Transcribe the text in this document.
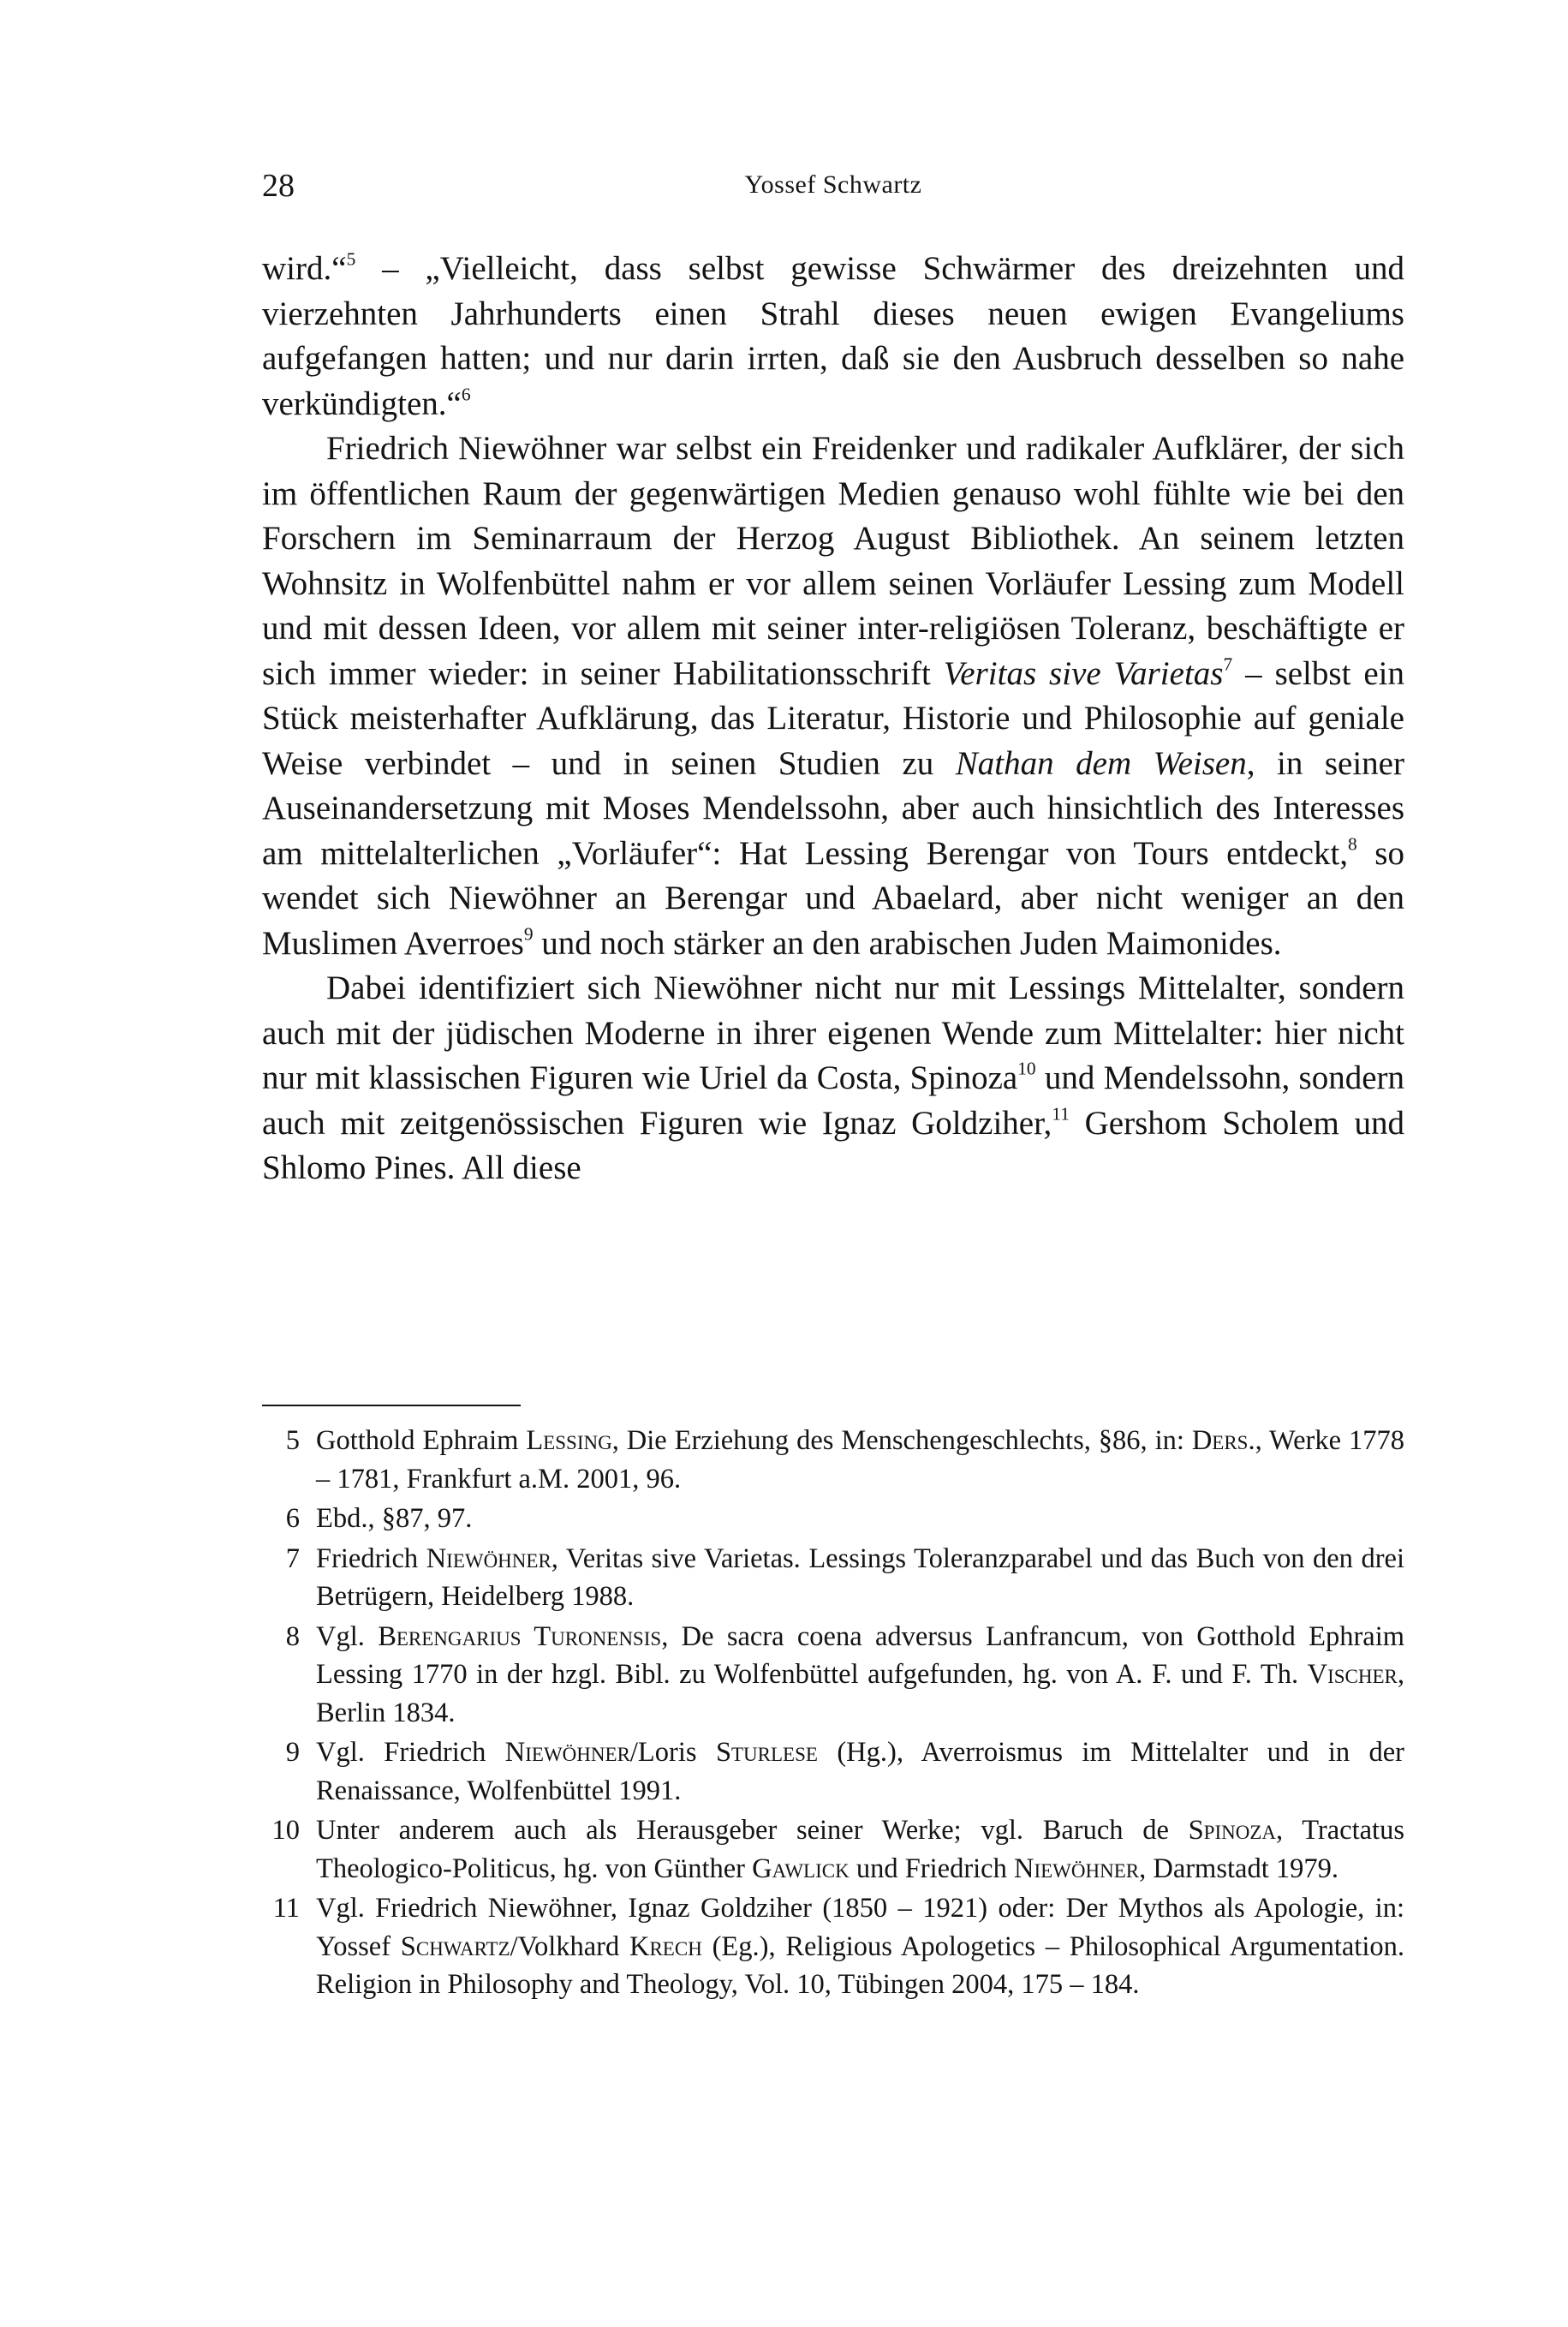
28	Yossef Schwartz

wird.“$^5$ – „Vielleicht, dass selbst gewisse Schwärmer des dreizehnten und vierzehnten Jahrhunderts einen Strahl dieses neuen ewigen Evangeliums aufgefangen hatten; und nur darin irrten, daß sie den Ausbruch desselben so nahe verkündigten.“$^6$

Friedrich Niewöhner war selbst ein Freidenker und radikaler Aufklärer, der sich im öffentlichen Raum der gegenwärtigen Medien genauso wohl fühlte wie bei den Forschern im Seminarraum der Herzog August Bibliothek. An seinem letzten Wohnsitz in Wolfenbüttel nahm er vor allem seinen Vorläufer Lessing zum Modell und mit dessen Ideen, vor allem mit seiner inter-religiösen Toleranz, beschäftigte er sich immer wieder: in seiner Habilitationsschrift Veritas sive Varietas$^7$ – selbst ein Stück meisterhafter Aufklärung, das Literatur, Historie und Philosophie auf geniale Weise verbindet – und in seinen Studien zu Nathan dem Weisen, in seiner Auseinandersetzung mit Moses Mendelssohn, aber auch hinsichtlich des Interesses am mittelalterlichen „Vorläufer“: Hat Lessing Berengar von Tours entdeckt,$^8$ so wendet sich Niewöhner an Berengar und Abaelard, aber nicht weniger an den Muslimen Averroes$^9$ und noch stärker an den arabischen Juden Maimonides.

Dabei identifiziert sich Niewöhner nicht nur mit Lessings Mittelalter, sondern auch mit der jüdischen Moderne in ihrer eigenen Wende zum Mittelalter: hier nicht nur mit klassischen Figuren wie Uriel da Costa, Spinoza$^{10}$ und Mendelssohn, sondern auch mit zeitgenössischen Figuren wie Ignaz Goldziher,$^{11}$ Gershom Scholem und Shlomo Pines. All diese

5 Gotthold Ephraim Lessing, Die Erziehung des Menschengeschlechts, §86, in: Ders., Werke 1778 – 1781, Frankfurt a.M. 2001, 96.
6 Ebd., §87, 97.
7 Friedrich Niewöhner, Veritas sive Varietas. Lessings Toleranzparabel und das Buch von den drei Betrügern, Heidelberg 1988.
8 Vgl. Berengarius Turonensis, De sacra coena adversus Lanfrancum, von Gotthold Ephraim Lessing 1770 in der hzgl. Bibl. zu Wolfenbüttel aufgefunden, hg. von A. F. und F. Th. Vischer, Berlin 1834.
9 Vgl. Friedrich Niewöhner/Loris Sturlese (Hg.), Averroismus im Mittelalter und in der Renaissance, Wolfenbüttel 1991.
10 Unter anderem auch als Herausgeber seiner Werke; vgl. Baruch de Spinoza, Tractatus Theologico-Politicus, hg. von Günther Gawlick und Friedrich Niewöhner, Darmstadt 1979.
11 Vgl. Friedrich Niewöhner, Ignaz Goldziher (1850 – 1921) oder: Der Mythos als Apologie, in: Yossef Schwartz/Volkhard Krech (Eg.), Religious Apologetics – Philosophical Argumentation. Religion in Philosophy and Theology, Vol. 10, Tübingen 2004, 175 – 184.
